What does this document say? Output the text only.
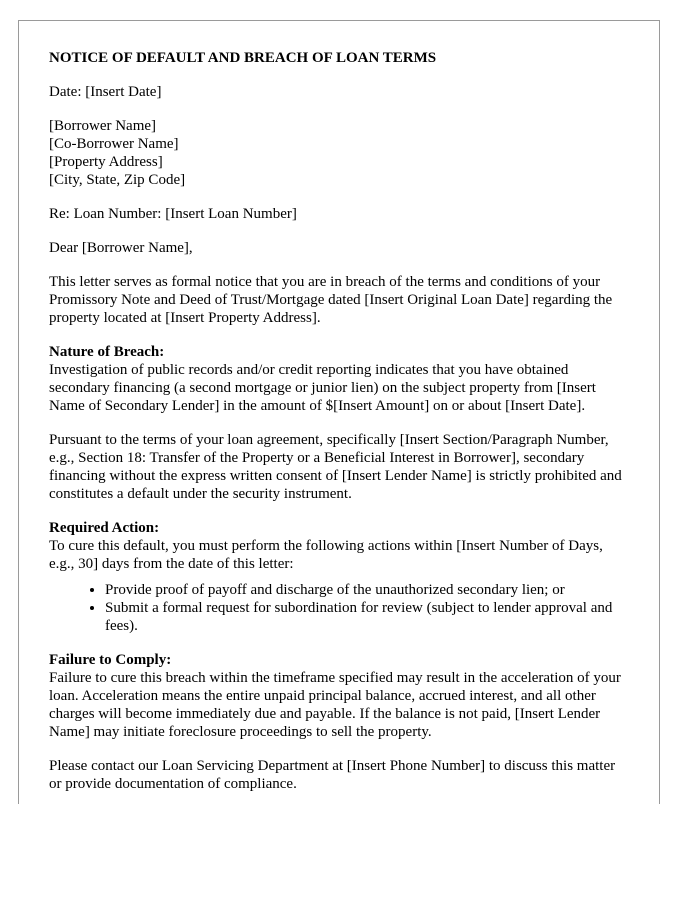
NOTICE OF DEFAULT AND BREACH OF LOAN TERMS

Date: [Insert Date]

[Borrower Name]
[Co-Borrower Name]
[Property Address]
[City, State, Zip Code]

Re: Loan Number: [Insert Loan Number]

Dear [Borrower Name],

This letter serves as formal notice that you are in breach of the terms and conditions of your Promissory Note and Deed of Trust/Mortgage dated [Insert Original Loan Date] regarding the property located at [Insert Property Address].

Nature of Breach:
Investigation of public records and/or credit reporting indicates that you have obtained secondary financing (a second mortgage or junior lien) on the subject property from [Insert Name of Secondary Lender] in the amount of $[Insert Amount] on or about [Insert Date].

Pursuant to the terms of your loan agreement, specifically [Insert Section/Paragraph Number, e.g., Section 18: Transfer of the Property or a Beneficial Interest in Borrower], secondary financing without the express written consent of [Insert Lender Name] is strictly prohibited and constitutes a default under the security instrument.

Required Action:
To cure this default, you must perform the following actions within [Insert Number of Days, e.g., 30] days from the date of this letter:

• Provide proof of payoff and discharge of the unauthorized secondary lien; or
• Submit a formal request for subordination for review (subject to lender approval and fees).

Failure to Comply:
Failure to cure this breach within the timeframe specified may result in the acceleration of your loan. Acceleration means the entire unpaid principal balance, accrued interest, and all other charges will become immediately due and payable. If the balance is not paid, [Insert Lender Name] may initiate foreclosure proceedings to sell the property.

Please contact our Loan Servicing Department at [Insert Phone Number] to discuss this matter or provide documentation of compliance.
